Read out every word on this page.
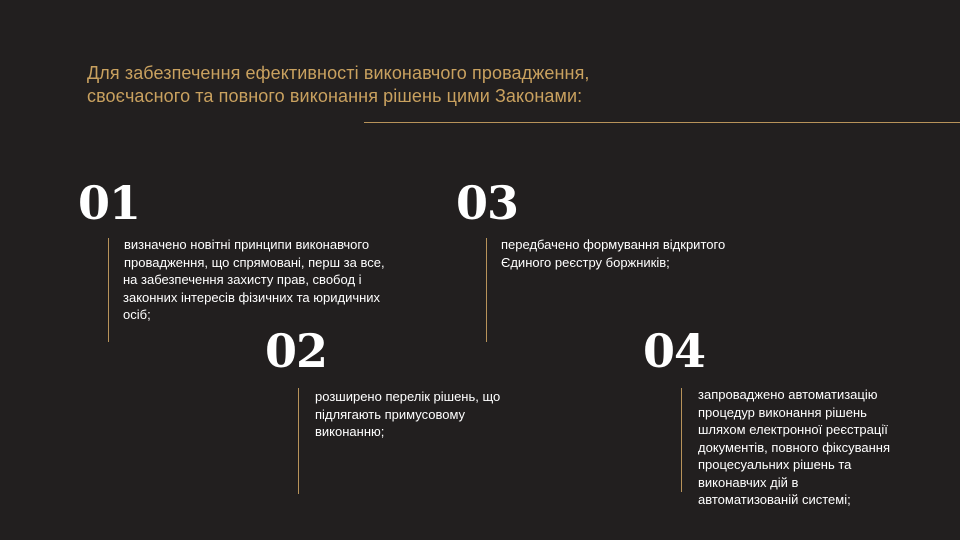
Для забезпечення ефективності виконавчого провадження,
своєчасного та повного виконання рішень цими Законами:
01
визначено новітні принципи виконавчого
провадження, що спрямовані, перш за все,
на забезпечення захисту прав, свобод і
законних інтересів фізичних та юридичних
осіб;
02
розширено перелік рішень, що
підлягають примусовому
виконанню;
03
передбачено формування відкритого
Єдиного реєстру боржників;
04
запроваджено автоматизацію
процедур виконання рішень
шляхом електронної реєстрації
документів, повного фіксування
процесуальних рішень та
виконавчих дій в
автоматизованій системі;
